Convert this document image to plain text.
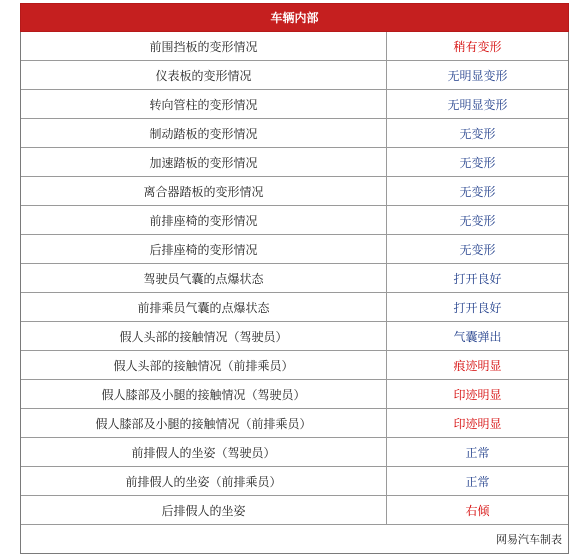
车辆内部
前围挡板的变形情况	稍有变形
仪表板的变形情况	无明显变形
转向管柱的变形情况	无明显变形
制动踏板的变形情况	无变形
加速踏板的变形情况	无变形
离合器踏板的变形情况	无变形
前排座椅的变形情况	无变形
后排座椅的变形情况	无变形
驾驶员气囊的点爆状态	打开良好
前排乘员气囊的点爆状态	打开良好
假人头部的接触情况（驾驶员）	气囊弹出
假人头部的接触情况（前排乘员）	痕迹明显
假人膝部及小腿的接触情况（驾驶员）	印迹明显
假人膝部及小腿的接触情况（前排乘员）	印迹明显
前排假人的坐姿（驾驶员）	正常
前排假人的坐姿（前排乘员）	正常
后排假人的坐姿	右倾
网易汽车制表
